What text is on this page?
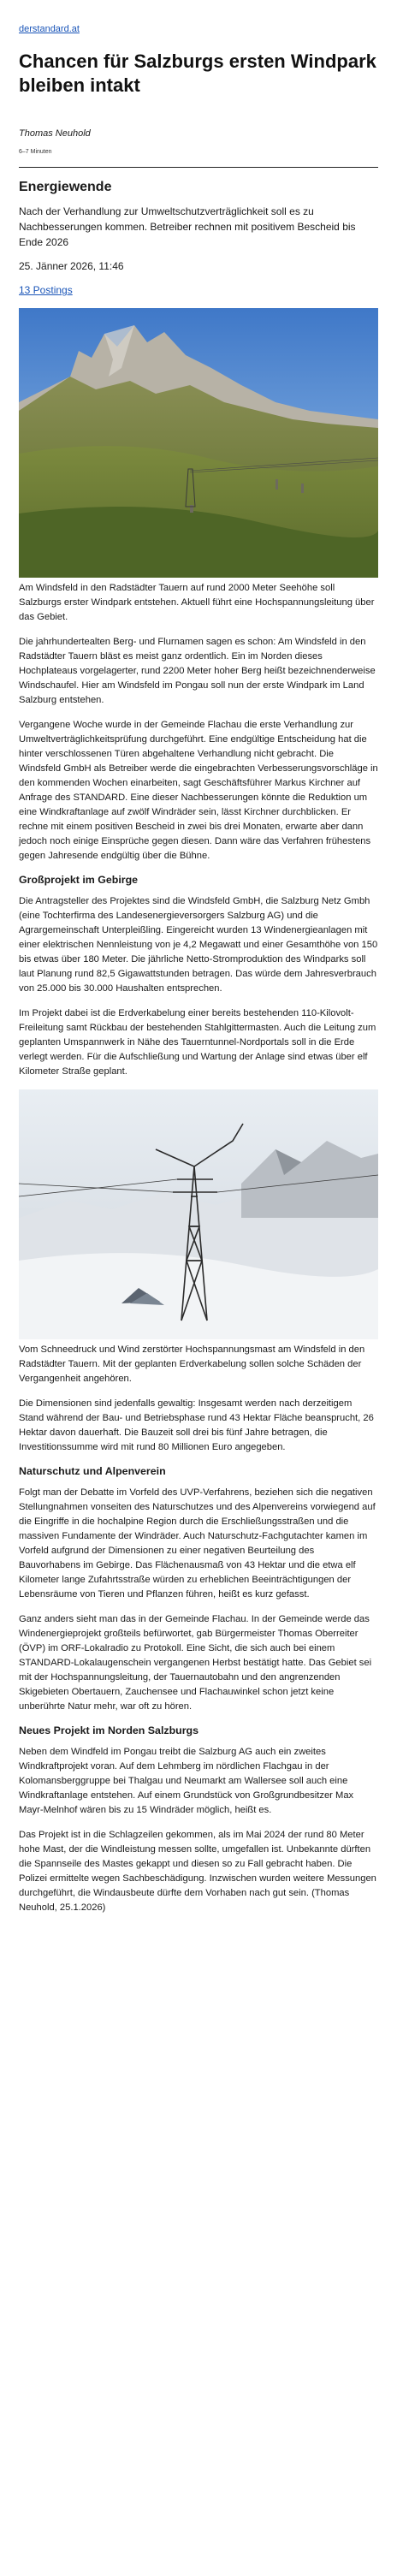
derstandard.at
Chancen für Salzburgs ersten Windpark bleiben intakt
Thomas Neuhold
6–7 Minuten
Energiewende

Nach der Verhandlung zur Umweltschutzverträglichkeit soll es zu Nachbesserungen kommen. Betreiber rechnen mit positivem Bescheid bis Ende 2026

25. Jänner 2026, 11:46

13 Postings

Am Windsfeld in den Radstädter Tauern auf rund 2000 Meter Seehöhe soll Salzburgs erster Windpark entstehen. Aktuell führt eine Hochspannungsleitung über das Gebiet.

Die jahrhundertealten Berg- und Flurnamen sagen es schon: Am Windsfeld in den Radstädter Tauern bläst es meist ganz ordentlich. Ein im Norden dieses Hochplateaus vorgelagerter, rund 2200 Meter hoher Berg heißt bezeichnenderweise Windschaufel. Hier am Windsfeld im Pongau soll nun der erste Windpark im Land Salzburg entstehen.

Vergangene Woche wurde in der Gemeinde Flachau die erste Verhandlung zur Umweltverträglichkeitsprüfung durchgeführt. Eine endgültige Entscheidung hat die hinter verschlossenen Türen abgehaltene Verhandlung nicht gebracht. Die Windsfeld GmbH als Betreiber werde die eingebrachten Verbesserungsvorschläge in den kommenden Wochen einarbeiten, sagt Geschäftsführer Markus Kirchner auf Anfrage des STANDARD. Eine dieser Nachbesserungen könnte die Reduktion um eine Windkraftanlage auf zwölf Windräder sein, lässt Kirchner durchblicken. Er rechne mit einem positiven Bescheid in zwei bis drei Monaten, erwarte aber dann jedoch noch einige Einsprüche gegen diesen. Dann wäre das Verfahren frühestens gegen Jahresende endgültig über die Bühne.

Großprojekt im Gebirge

Die Antragsteller des Projektes sind die Windsfeld GmbH, die Salzburg Netz Gmbh (eine Tochterfirma des Landesenergieversorgers Salzburg AG) und die Agrargemeinschaft Unterpleißling. Eingereicht wurden 13 Windenergieanlagen mit einer elektrischen Nennleistung von je 4,2 Megawatt und einer Gesamthöhe von 150 bis etwas über 180 Meter. Die jährliche Netto-Stromproduktion des Windparks soll laut Planung rund 82,5 Gigawattstunden betragen. Das würde dem Jahresverbrauch von 25.000 bis 30.000 Haushalten entsprechen.

Im Projekt dabei ist die Erdverkabelung einer bereits bestehenden 110-Kilovolt-Freileitung samt Rückbau der bestehenden Stahlgittermasten. Auch die Leitung zum geplanten Umspannwerk in Nähe des Tauerntunnel-Nordportals soll in die Erde verlegt werden. Für die Aufschließung und Wartung der Anlage sind etwas über elf Kilometer Straße geplant.

Vom Schneedruck und Wind zerstörter Hochspannungsmast am Windsfeld in den Radstädter Tauern. Mit der geplanten Erdverkabelung sollen solche Schäden der Vergangenheit angehören.

Die Dimensionen sind jedenfalls gewaltig: Insgesamt werden nach derzeitigem Stand während der Bau- und Betriebsphase rund 43 Hektar Fläche beansprucht, 26 Hektar davon dauerhaft. Die Bauzeit soll drei bis fünf Jahre betragen, die Investitionssumme wird mit rund 80 Millionen Euro angegeben.

Naturschutz und Alpenverein

Folgt man der Debatte im Vorfeld des UVP-Verfahrens, beziehen sich die negativen Stellungnahmen vonseiten des Naturschutzes und des Alpenvereins vorwiegend auf die Eingriffe in die hochalpine Region durch die Erschließungsstraßen und die massiven Fundamente der Windräder. Auch Naturschutz-Fachgutachter kamen im Vorfeld aufgrund der Dimensionen zu einer negativen Beurteilung des Bauvorhabens im Gebirge. Das Flächenausmaß von 43 Hektar und die etwa elf Kilometer lange Zufahrtsstraße würden zu erheblichen Beeinträchtigungen der Lebensräume von Tieren und Pflanzen führen, heißt es kurz gefasst.

Ganz anders sieht man das in der Gemeinde Flachau. In der Gemeinde werde das Windenergieprojekt großteils befürwortet, gab Bürgermeister Thomas Oberreiter (ÖVP) im ORF-Lokalradio zu Protokoll. Eine Sicht, die sich auch bei einem STANDARD-Lokalaugenschein vergangenen Herbst bestätigt hatte. Das Gebiet sei mit der Hochspannungsleitung, der Tauernautobahn und den angrenzenden Skigebieten Obertauern, Zauchensee und Flachauwinkel schon jetzt keine unberührte Natur mehr, war oft zu hören.

Neues Projekt im Norden Salzburgs

Neben dem Windfeld im Pongau treibt die Salzburg AG auch ein zweites Windkraftprojekt voran. Auf dem Lehmberg im nördlichen Flachgau in der Kolomansberggruppe bei Thalgau und Neumarkt am Wallersee soll auch eine Windkraftanlage entstehen. Auf einem Grundstück von Großgrundbesitzer Max Mayr-Melnhof wären bis zu 15 Windräder möglich, heißt es.

Das Projekt ist in die Schlagzeilen gekommen, als im Mai 2024 der rund 80 Meter hohe Mast, der die Windleistung messen sollte, umgefallen ist. Unbekannte dürften die Spannseile des Mastes gekappt und diesen so zu Fall gebracht haben. Die Polizei ermittelte wegen Sachbeschädigung. Inzwischen wurden weitere Messungen durchgeführt, die Windausbeute dürfte dem Vorhaben nach gut sein. (Thomas Neuhold, 25.1.2026)
